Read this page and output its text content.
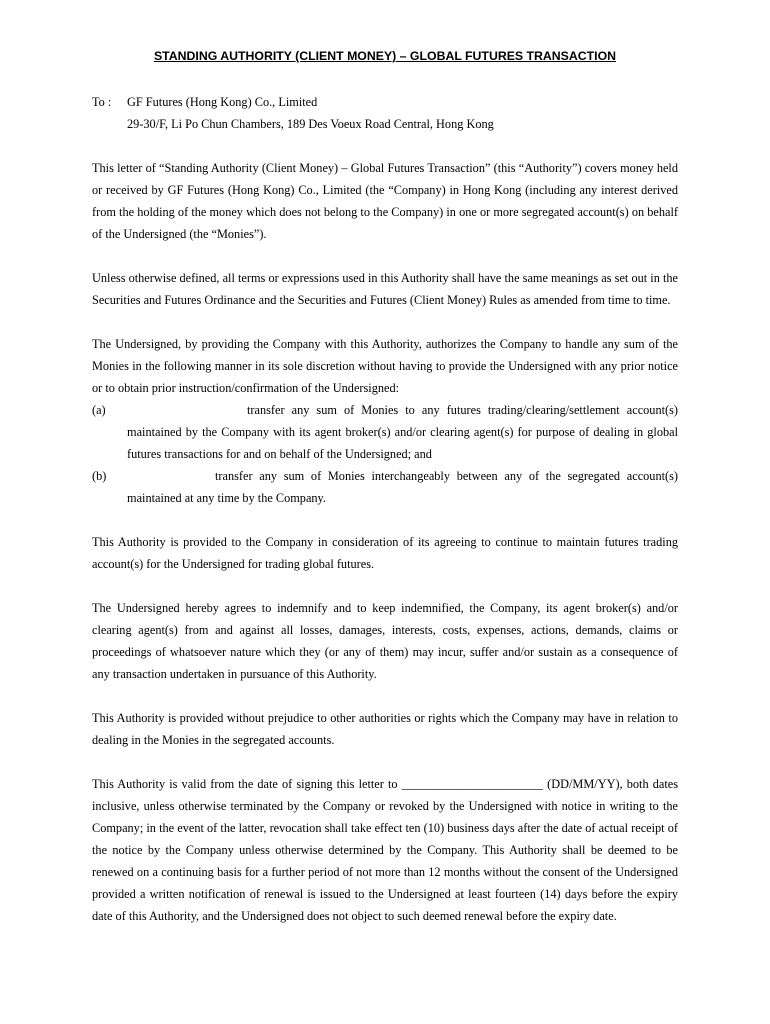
STANDING AUTHORITY (CLIENT MONEY) – GLOBAL FUTURES TRANSACTION
To :	GF Futures (Hong Kong) Co., Limited
29-30/F, Li Po Chun Chambers, 189 Des Voeux Road Central, Hong Kong

This letter of “Standing Authority (Client Money) – Global Futures Transaction” (this “Authority”) covers money held or received by GF Futures (Hong Kong) Co., Limited (the “Company) in Hong Kong (including any interest derived from the holding of the money which does not belong to the Company) in one or more segregated account(s) on behalf of the Undersigned (the “Monies”).

Unless otherwise defined, all terms or expressions used in this Authority shall have the same meanings as set out in the Securities and Futures Ordinance and the Securities and Futures (Client Money) Rules as amended from time to time.

The Undersigned, by providing the Company with this Authority, authorizes the Company to handle any sum of the Monies in the following manner in its sole discretion without having to provide the Undersigned with any prior notice or to obtain prior instruction/confirmation of the Undersigned:

(a)	transfer any sum of Monies to any futures trading/clearing/settlement account(s)
maintained by the Company with its agent broker(s) and/or clearing agent(s) for purpose of dealing in global futures transactions for and on behalf of the Undersigned; and
(b)	transfer any sum of Monies interchangeably between any of the segregated account(s)
maintained at any time by the Company.

This Authority is provided to the Company in consideration of its agreeing to continue to maintain futures trading account(s) for the Undersigned for trading global futures.

The Undersigned hereby agrees to indemnify and to keep indemnified, the Company, its agent broker(s) and/or clearing agent(s) from and against all losses, damages, interests, costs, expenses, actions, demands, claims or proceedings of whatsoever nature which they (or any of them) may incur, suffer and/or sustain as a consequence of any transaction undertaken in pursuance of this Authority.

This Authority is provided without prejudice to other authorities or rights which the Company may have in relation to dealing in the Monies in the segregated accounts.

This Authority is valid from the date of signing this letter to _______________________ (DD/MM/YY), both dates inclusive, unless otherwise terminated by the Company or revoked by the Undersigned with notice in writing to the Company; in the event of the latter, revocation shall take effect ten (10) business days after the date of actual receipt of the notice by the Company unless otherwise determined by the Company. This Authority shall be deemed to be renewed on a continuing basis for a further period of not more than 12 months without the consent of the Undersigned provided a written notification of renewal is issued to the Undersigned at least fourteen (14) days before the expiry date of this Authority, and the Undersigned does not object to such deemed renewal before the expiry date.
